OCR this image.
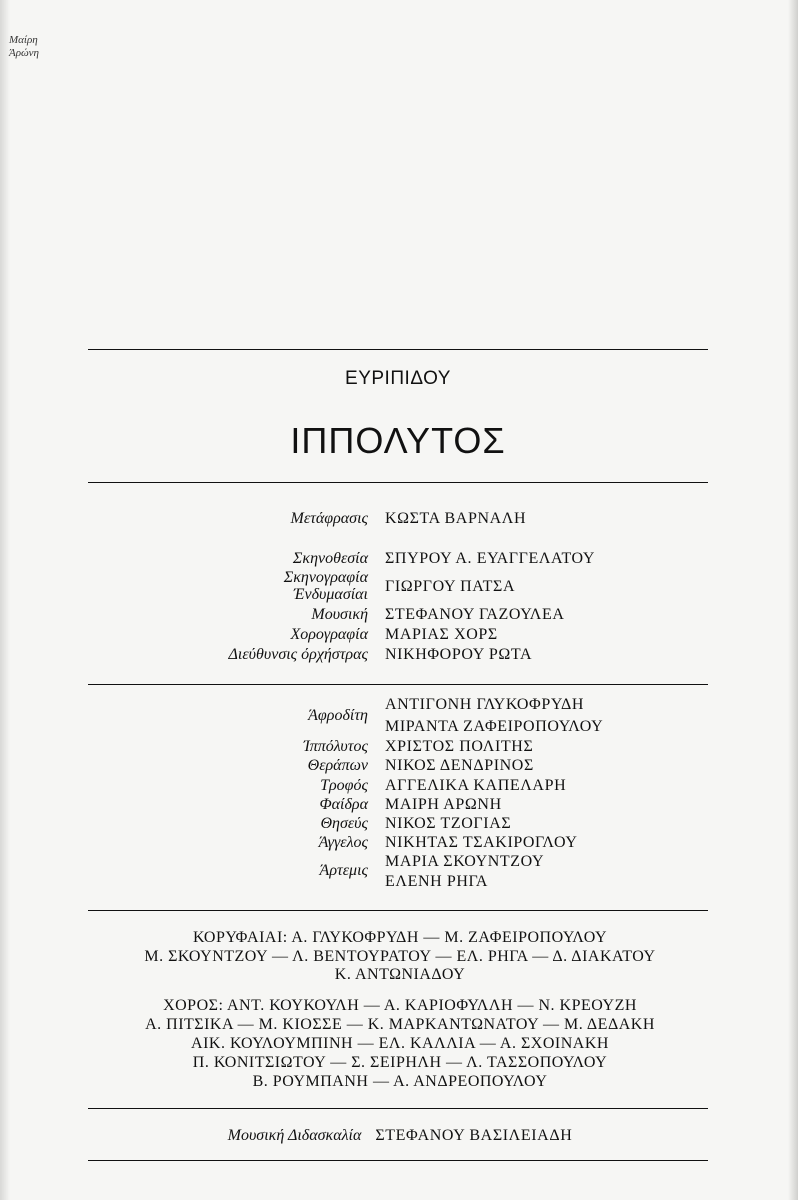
Μαίρη
Άρώνη
ΕΥΡΙΠΙΔΟΥ
ΙΠΠΟΛΥΤΟΣ
Μετάφρασις ΚΩΣΤΑ ΒΑΡΝΑΛΗ
Σκηνοθεσία ΣΠΥΡΟΥ Α. ΕΥΑΓΓΕΛΑΤΟΥ
Σκηνογραφία
Ένδυμασίαι ΓΙΩΡΓΟΥ ΠΑΤΣΑ
Μουσική ΣΤΕΦΑΝΟΥ ΓΑΖΟΥΛΕΑ
Χορογραφία ΜΑΡΙΑΣ ΧΟΡΣ
Διεύθυνσις όρχήστρας ΝΙΚΗΦΟΡΟΥ ΡΩΤΑ
ΑΝΤΙΓΟΝΗ ΓΛΥΚΟΦΡΥΔΗ
Άφροδίτη
ΜΙΡΑΝΤΑ ΖΑΦΕΙΡΟΠΟΥΛΟΥ
Ίππόλυτος ΧΡΙΣΤΟΣ ΠΟΛΙΤΗΣ
Θεράπων ΝΙΚΟΣ ΔΕΝΔΡΙΝΟΣ
Τροφός ΑΓΓΕΛΙΚΑ ΚΑΠΕΛΑΡΗ
Φαίδρα ΜΑΙΡΗ ΑΡΩΝΗ
Θησεύς ΝΙΚΟΣ ΤΖΟΓΙΑΣ
Άγγελος ΝΙΚΗΤΑΣ ΤΣΑΚΙΡΟΓΛΟΥ
ΜΑΡΙΑ ΣΚΟΥΝΤΖΟΥ
Άρτεμις
ΕΛΕΝΗ ΡΗΓΑ
ΚΟΡΥΦΑΙΑΙ: Α. ΓΛΥΚΟΦΡΥΔΗ — Μ. ΖΑΦΕΙΡΟΠΟΥΛΟΥ
Μ. ΣΚΟΥΝΤΖΟΥ — Λ. ΒΕΝΤΟΥΡΑΤΟΥ — ΕΛ. ΡΗΓΑ — Δ. ΔΙΑΚΑΤΟΥ
Κ. ΑΝΤΩΝΙΑΔΟΥ
ΧΟΡΟΣ: ΑΝΤ. ΚΟΥΚΟΥΛΗ — Α. ΚΑΡΙΟΦΥΛΛΗ — Ν. ΚΡΕΟΥΖΗ
Α. ΠΙΤΣΙΚΑ — Μ. ΚΙΟΣΣΕ — Κ. ΜΑΡΚΑΝΤΩΝΑΤΟΥ — Μ. ΔΕΔΑΚΗ
ΑΙΚ. ΚΟΥΛΟΥΜΠΙΝΗ — ΕΛ. ΚΑΛΛΙΑ — Α. ΣΧΟΙΝΑΚΗ
Π. ΚΟΝΙΤΣΙΩΤΟΥ — Σ. ΣΕΙΡΗΛΗ — Λ. ΤΑΣΣΟΠΟΥΛΟΥ
Β. ΡΟΥΜΠΑΝΗ — Α. ΑΝΔΡΕΟΠΟΥΛΟΥ
Μουσική Διδασκαλία ΣΤΕΦΑΝΟΥ ΒΑΣΙΛΕΙΑΔΗ
